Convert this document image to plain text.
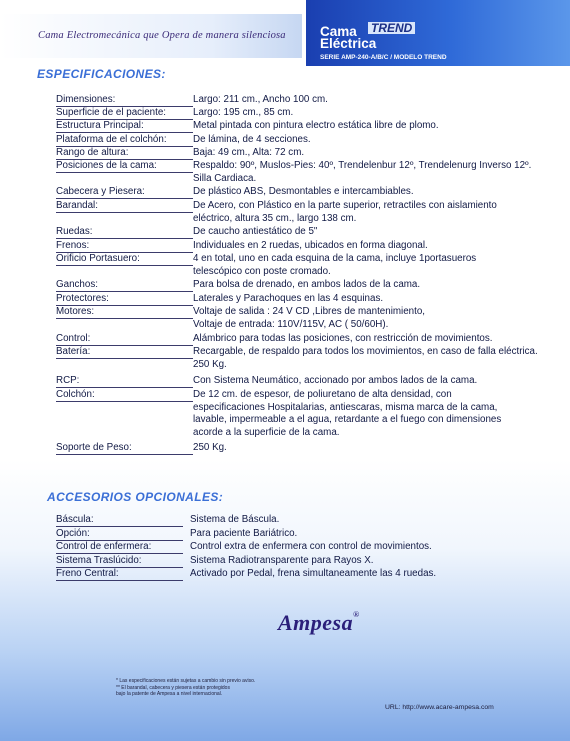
Cama Electromecánica que Opera de manera silenciosa	Cama
Eléctrica
TREND
SERIE AMP-240-A/B/C / MODELO TREND
ESPECIFICACIONES:
Dimensiones:	Largo: 211 cm., Ancho 100 cm.
Superficie de el paciente:	Largo: 195 cm., 85 cm.
Estructura Principal:	Metal pintada con pintura electro estática libre de plomo.
Plataforma de el colchón:	De lámina, de 4 secciones.
Rango de altura:	Baja: 49 cm., Alta: 72 cm.
Posiciones de la cama:	Respaldo: 90º, Muslos-Pies: 40º, Trendelenbur 12º, Trendelenurg Inverso 12º.
Silla Cardiaca.
Cabecera y Piesera:	De plástico ABS, Desmontables e intercambiables.
Barandal:	De Acero, con Plástico en la parte superior, retractiles con aislamiento
eléctrico, altura 35 cm., largo 138 cm.
Ruedas:	De caucho antiestático de 5"
Frenos:	Individuales en 2 ruedas, ubicados en forma diagonal.
Orificio Portasuero:	4 en total, uno en cada esquina de la cama, incluye 1portasueros
telescópico con poste cromado.
Ganchos:	Para bolsa de drenado, en ambos lados de la cama.
Protectores:	Laterales y Parachoques en las 4 esquinas.
Motores:	Voltaje de salida : 24 V CD ,Libres de mantenimiento,
Voltaje de entrada: 110V/115V, AC ( 50/60H).
Control:	Alámbrico para todas las posiciones, con restricción de movimientos.
Batería:	Recargable, de respaldo para todos los movimientos, en caso de falla eléctrica.
250 Kg.
RCP:	Con Sistema Neumático, accionado por ambos lados de la cama.
Colchón:	De 12 cm. de espesor, de poliuretano de alta densidad, con
especificaciones Hospitalarias, antiescaras, misma marca de la cama,
lavable, impermeable a el agua, retardante a el fuego con dimensiones
acorde a la superficie de la cama.
Soporte de Peso:	250 Kg.
ACCESORIOS OPCIONALES:
Báscula:	Sistema de Báscula.
Opción:	Para paciente Bariátrico.
Control de enfermera:	Control extra de enfermera con control de movimientos.
Sistema Traslúcido:	Sistema Radiotransparente para Rayos X.
Freno Central:	Activado por Pedal, frena simultaneamente las 4 ruedas.
Ampesa®
* Las especificaciones están sujetas a cambio sin previo aviso.
** El barandal, cabecera y piesera están protegidos
bajo la patente de Ampesa a nivel internacional.
URL: http://www.acare-ampesa.com
